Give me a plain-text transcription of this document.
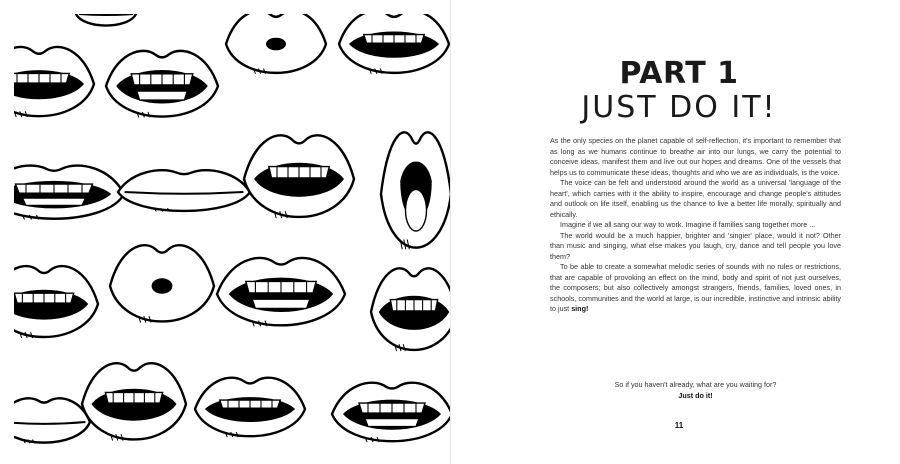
PART 1
JUST DO IT!

As the only species on the planet capable of self-reflection, it's important to remember that as long as we humans continue to breathe air into our lungs, we carry the potential to conceive ideas, manifest them and live out our hopes and dreams. One of the vessels that helps us to communicate these ideas, thoughts and who we are as individuals, is the voice.

The voice can be felt and understood around the world as a universal 'language of the heart', which carries with it the ability to inspire, encourage and change people's attitudes and outlook on life itself, enabling us the chance to live a better life morally, spiritually and ethically.

Imagine if we all sang our way to work. Imagine if families sang together more ...

The world would be a much happier, brighter and 'singier' place, would it not? Other than music and singing, what else makes you laugh, cry, dance and tell people you love them?

To be able to create a somewhat melodic series of sounds with no rules or restrictions, that are capable of provoking an effect on the mind, body and spirit of not just ourselves, the composers; but also collectively amongst strangers, friends, families, loved ones, in schools, communities and the world at large, is our incredible, instinctive and intrinsic ability to just sing!

So if you haven't already, what are you waiting for?
Just do it!
11
